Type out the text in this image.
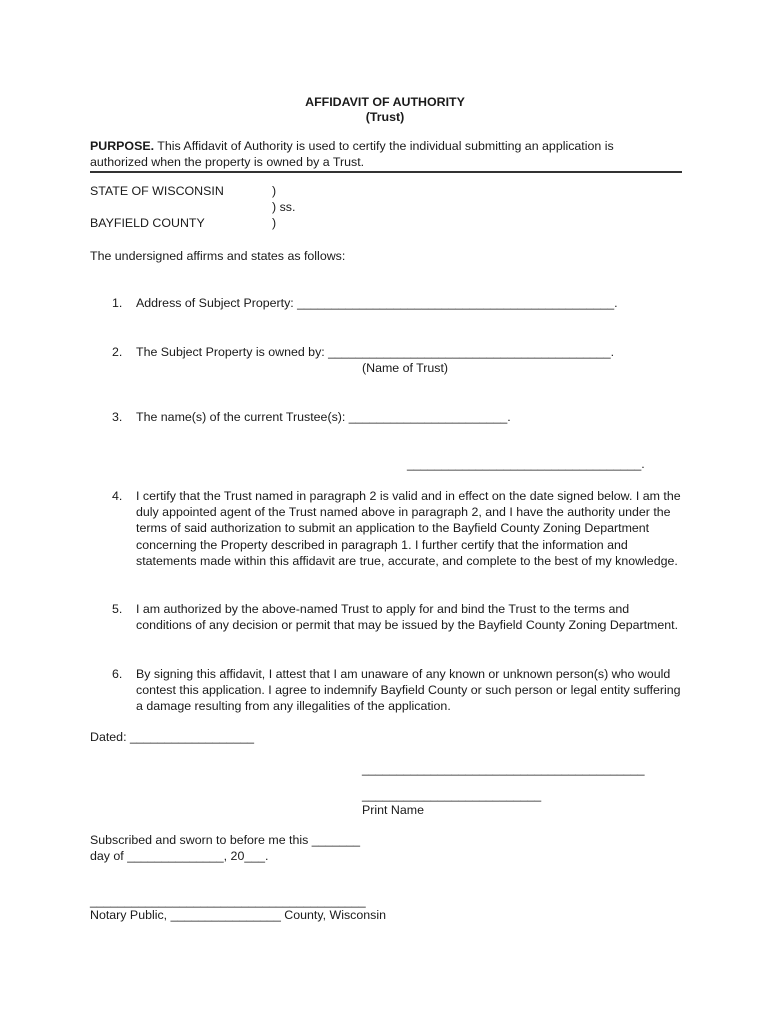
AFFIDAVIT OF AUTHORITY
(Trust)
PURPOSE. This Affidavit of Authority is used to certify the individual submitting an application is
authorized when the property is owned by a Trust.
STATE OF WISCONSIN	)
) ss.
BAYFIELD COUNTY	)
The undersigned affirms and states as follows:
1. Address of Subject Property: ______________________________________________.
2. The Subject Property is owned by: _________________________________________.
(Name of Trust)
3. The name(s) of the current Trustee(s): _______________________.
__________________________________.
4. I certify that the Trust named in paragraph 2 is valid and in effect on the date signed below. I am the duly appointed agent of the Trust named above in paragraph 2, and I have the authority under the terms of said authorization to submit an application to the Bayfield County Zoning Department concerning the Property described in paragraph 1. I further certify that the information and statements made within this affidavit are true, accurate, and complete to the best of my knowledge.
5. I am authorized by the above-named Trust to apply for and bind the Trust to the terms and conditions of any decision or permit that may be issued by the Bayfield County Zoning Department.
6. By signing this affidavit, I attest that I am unaware of any known or unknown person(s) who would contest this application. I agree to indemnify Bayfield County or such person or legal entity suffering a damage resulting from any illegalities of the application.
Dated: __________________
_________________________________________
__________________________
Print Name
Subscribed and sworn to before me this _______
day of ______________, 20___.
________________________________________
Notary Public, ________________ County, Wisconsin
